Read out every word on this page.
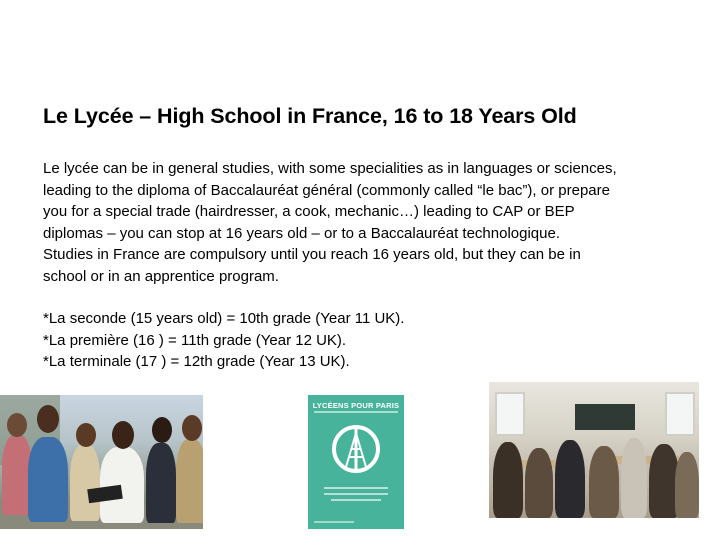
Le Lycée – High School in France, 16 to 18 Years Old

Le lycée can be in general studies, with some specialities as in languages or sciences,

leading to the diploma of Baccalauréat général (commonly called “le bac”), or prepare

you for a special trade (hairdresser, a cook, mechanic…) leading to CAP or BEP

diplomas – you can stop at 16 years old – or to a Baccalauréat technologique.

Studies in France are compulsory until you reach 16 years old, but they can be in

school or in an apprentice program.

*La seconde (15 years old) = 10th grade (Year 11 UK).
*La première (16 ) = 11th grade (Year 12 UK).
*La terminale (17 ) = 12th grade (Year 13 UK).
LYCÉENS POUR PARIS
